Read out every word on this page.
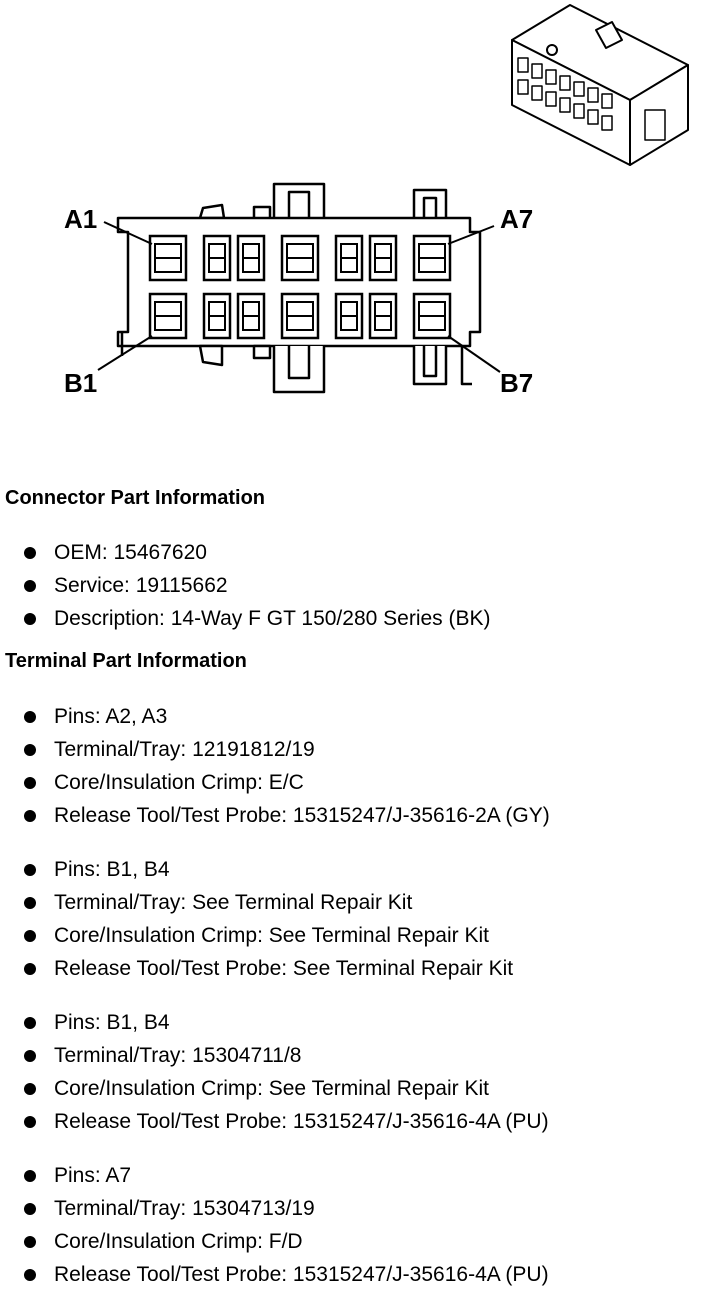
A1	A7
B1	B7
Connector Part Information
OEM: 15467620
Service: 19115662
Description: 14-Way F GT 150/280 Series (BK)
Terminal Part Information
Pins: A2, A3
Terminal/Tray: 12191812/19
Core/Insulation Crimp: E/C
Release Tool/Test Probe: 15315247/J-35616-2A (GY)
Pins: B1, B4
Terminal/Tray: See Terminal Repair Kit
Core/Insulation Crimp: See Terminal Repair Kit
Release Tool/Test Probe: See Terminal Repair Kit
Pins: B1, B4
Terminal/Tray: 15304711/8
Core/Insulation Crimp: See Terminal Repair Kit
Release Tool/Test Probe: 15315247/J-35616-4A (PU)
Pins: A7
Terminal/Tray: 15304713/19
Core/Insulation Crimp: F/D
Release Tool/Test Probe: 15315247/J-35616-4A (PU)
